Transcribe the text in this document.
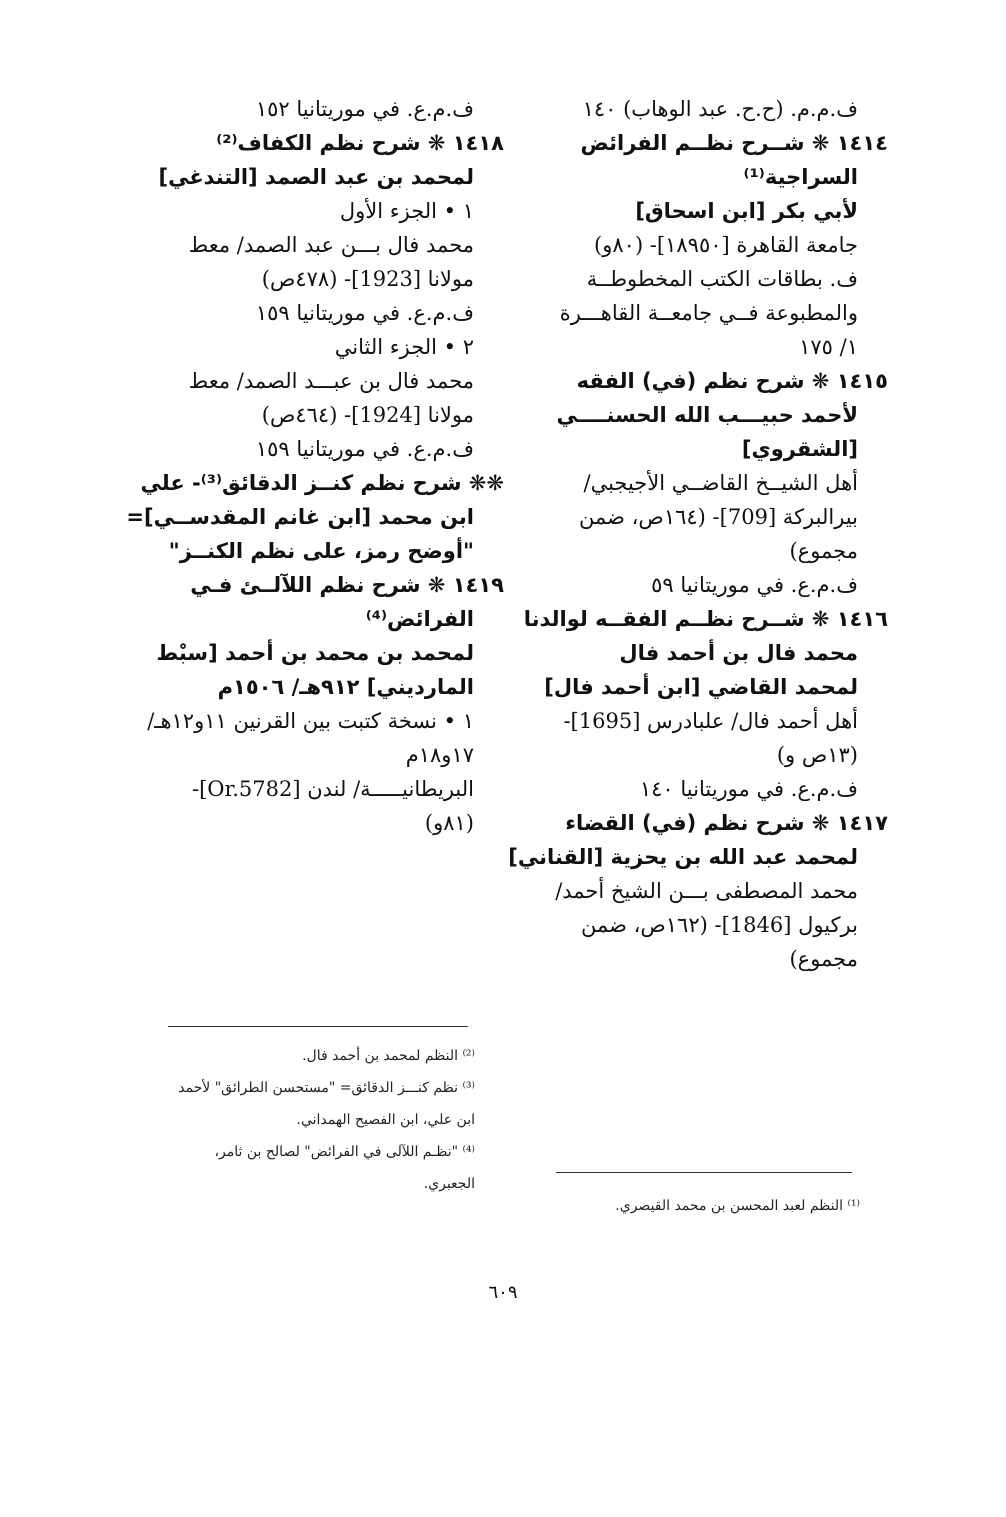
ف.م.م. (ح.ح. عبد الوهاب) ١٤٠

١٤١٤ ❋ شــرح نظــم الفرائض

السراجية⁽¹⁾

لأبي بكر [ابن اسحاق]

جامعة القاهرة [١٨٩٥٠]- (٨٠و)

ف. بطاقات الكتب المخطوطــة

والمطبوعة فــي جامعــة القاهـــرة

١/ ١٧٥

١٤١٥ ❋ شرح نظم (في) الفقه

لأحمد حبيـــب الله الحسنــــي

[الشقروي]

أهل الشيــخ القاضــي الأجيجبي/

بيرالبركة [709]- (١٦٤ص، ضمن

مجموع)

ف.م.ع. في موريتانيا ٥٩

١٤١٦ ❋ شــرح نظــم الفقــه لوالدنا

محمد فال بن أحمد فال

لمحمد القاضي [ابن أحمد فال]

أهل أحمد فال/ علبادرس [1695]-

(١٣ص و)

ف.م.ع. في موريتانيا ١٤٠

١٤١٧ ❋ شرح نظم (في) القضاء

لمحمد عبد الله بن يحزية [القناني]

محمد المصطفى بـــن الشيخ أحمد/

بركيول [1846]- (١٦٢ص، ضمن

مجموع)

ف.م.ع. في موريتانيا ١٥٢

١٤١٨ ❋ شرح نظم الكفاف⁽²⁾

لمحمد بن عبد الصمد [التندغي]

١ • الجزء الأول

محمد فال بـــن عبد الصمد/ معط

مولانا [1923]- (٤٧٨ص)

ف.م.ع. في موريتانيا ١٥٩

٢ • الجزء الثاني

محمد فال بن عبـــد الصمد/ معط

مولانا [1924]- (٤٦٤ص)

ف.م.ع. في موريتانيا ١٥٩

❋❋ شرح نظم كنــز الدقائق⁽³⁾- علي

ابن محمد [ابن غانم المقدســي]=

"أوضح رمز، على نظم الكنــز"

١٤١٩ ❋ شرح نظم اللآلــئ فـي

الفرائض⁽⁴⁾

لمحمد بن محمد بن أحمد [سبْط

المارديني] ٩١٢هـ/ ١٥٠٦م

١ • نسخة كتبت بين القرنين ١١و١٢هـ/

١٧و١٨م

البريطانيـــــة/ لندن [Or.5782]-

(٨١و)

⁽²⁾ النظم لمحمد بن أحمد فال.

⁽³⁾ نظم كنـــز الدقائق= "مستحسن الطرائق" لأحمد

ابن علي، ابن الفصيح الهمداني.

⁽⁴⁾ "نظـم اللآلى في الفرائض" لصالح بن ثامر،

الجعبري.

⁽¹⁾ النظم لعبد المحسن بن محمد القيصري.

٦٠٩
